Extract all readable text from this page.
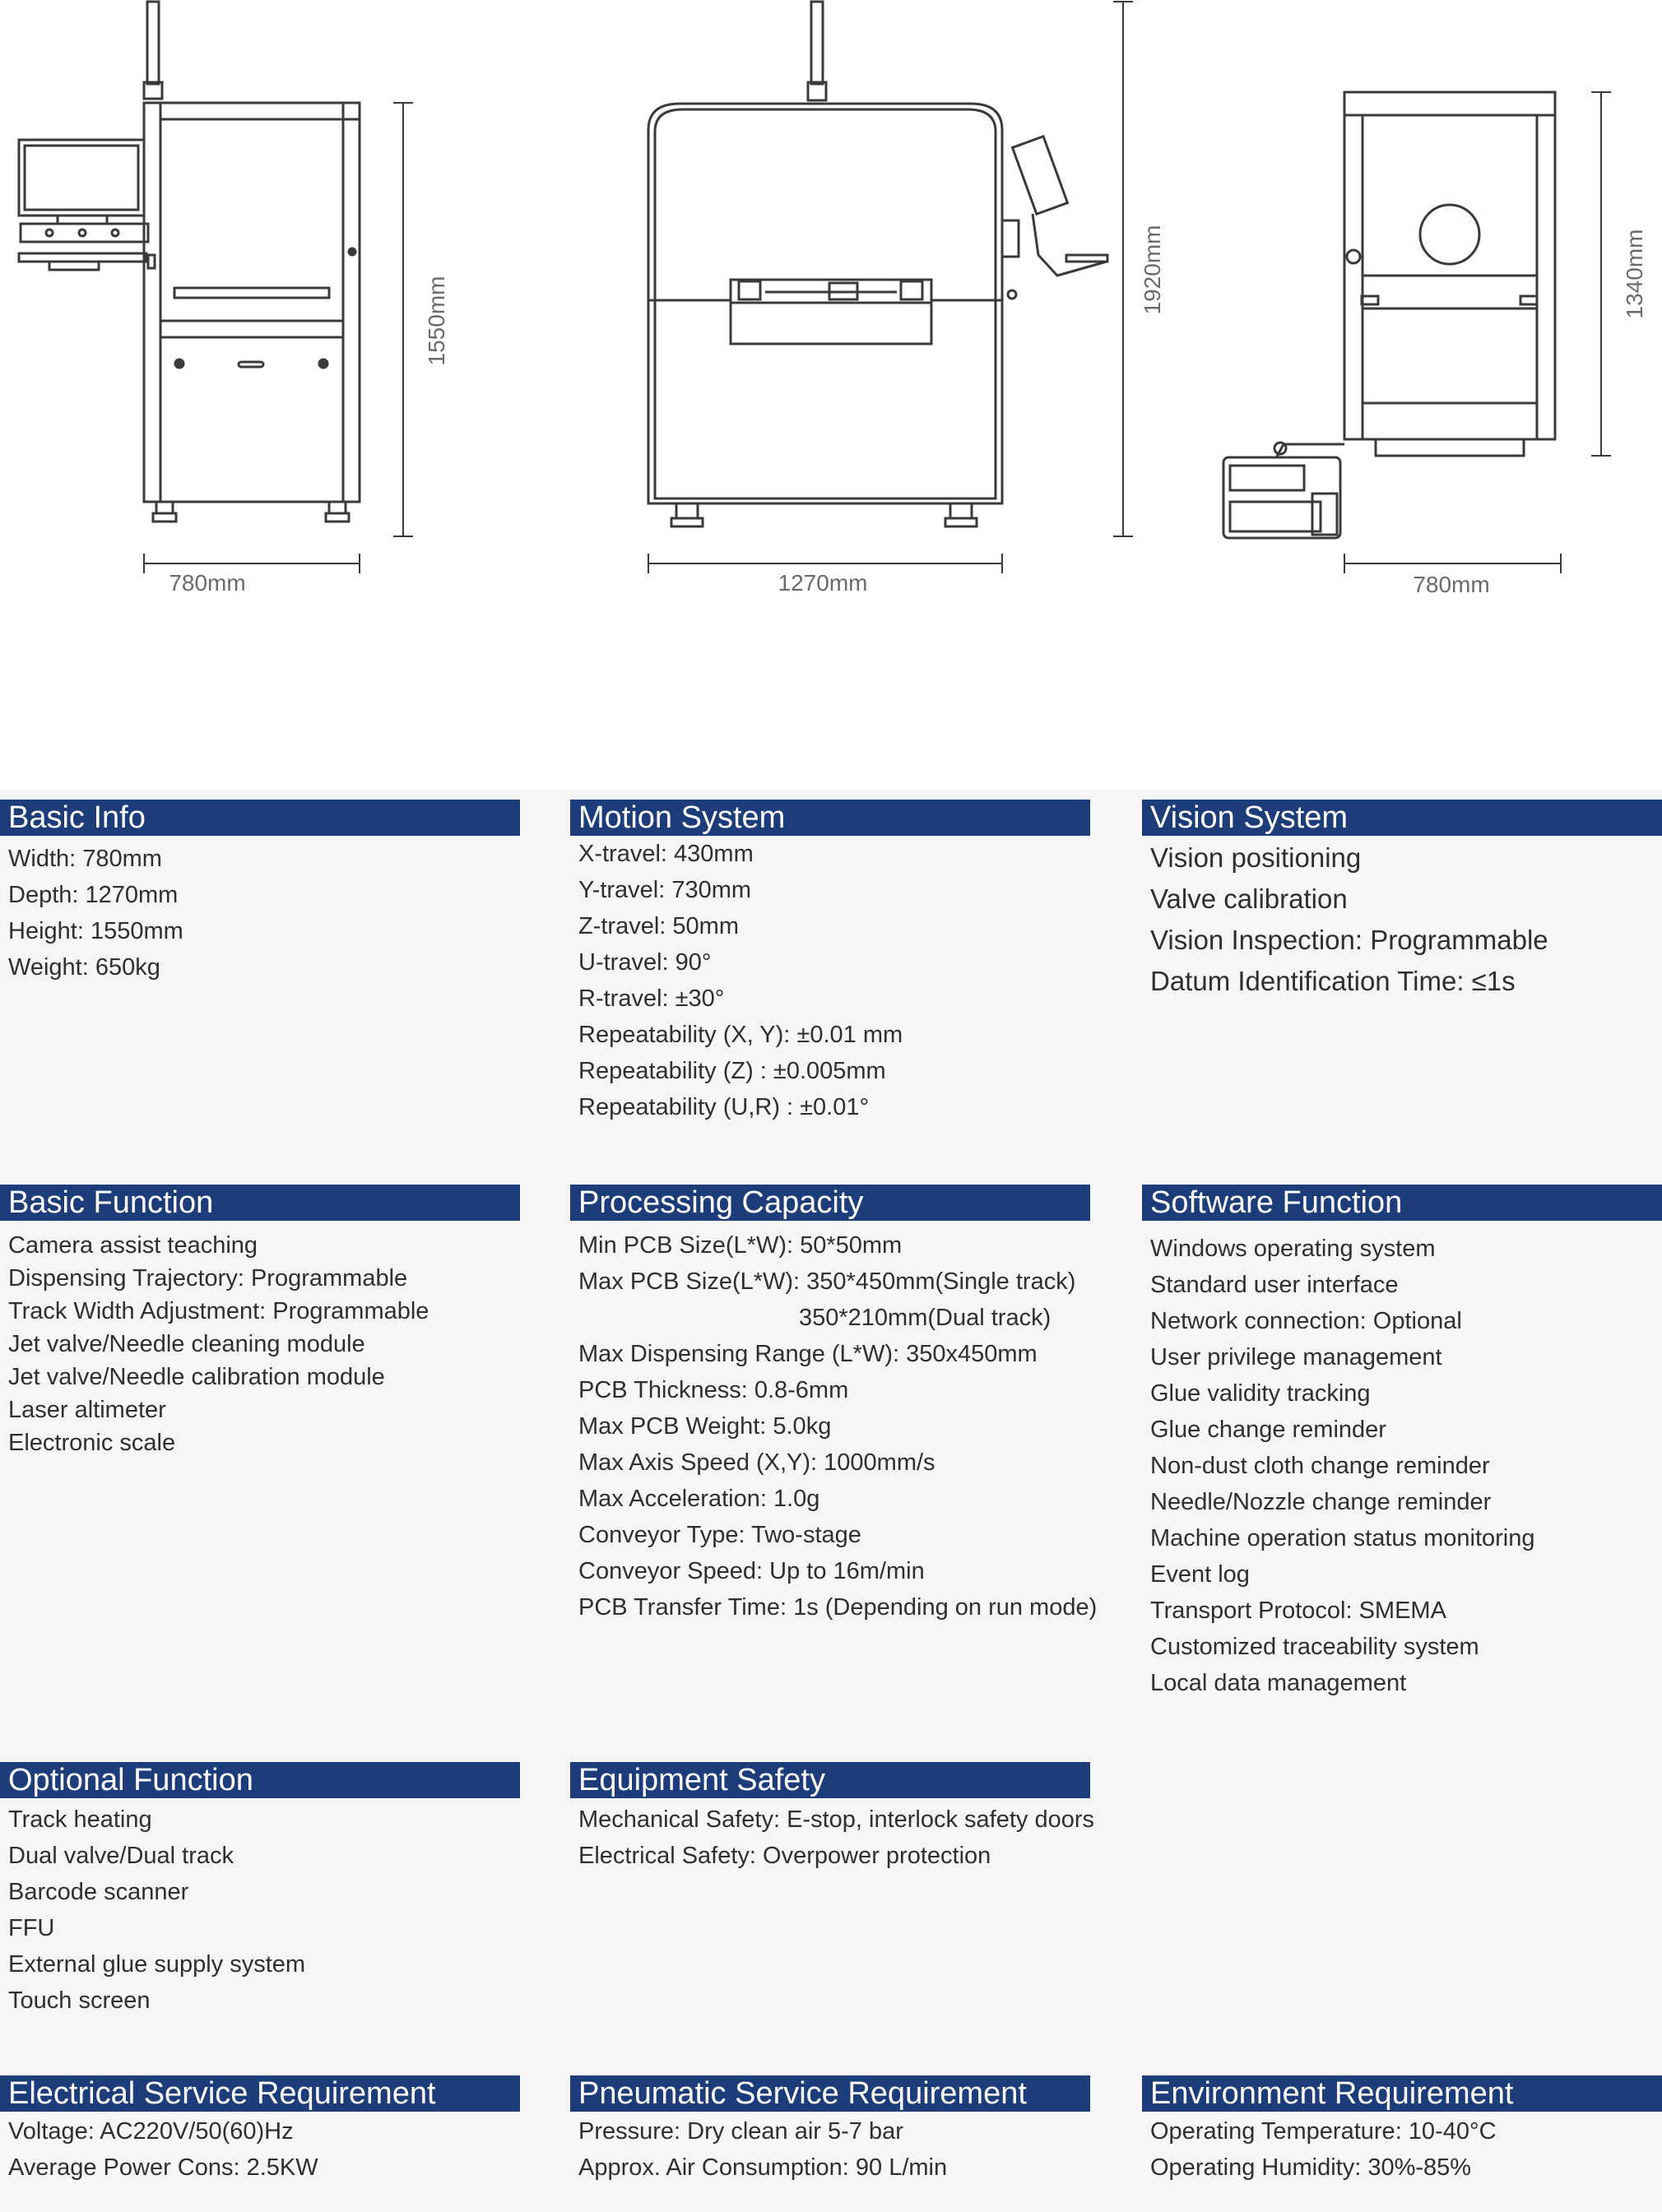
780mm
1550mm
1270mm
1920mm
780mm
1340mm
Basic Info
Width: 780mm
Depth: 1270mm
Height: 1550mm
Weight: 650kg
Motion System
X-travel: 430mm
Y-travel: 730mm
Z-travel: 50mm
U-travel: 90°
R-travel: ±30°
Repeatability (X, Y): ±0.01 mm
Repeatability (Z) : ±0.005mm
Repeatability (U,R) : ±0.01°
Vision System
Vision positioning
Valve calibration
Vision Inspection: Programmable
Datum Identification Time: ≤1s
Basic Function
Camera assist teaching
Dispensing Trajectory: Programmable
Track Width Adjustment: Programmable
Jet valve/Needle cleaning module
Jet valve/Needle calibration module
Laser altimeter
Electronic scale
Processing Capacity
Min PCB Size(L*W): 50*50mm
Max PCB Size(L*W): 350*450mm(Single track)
350*210mm(Dual track)
Max Dispensing Range (L*W): 350x450mm
PCB Thickness: 0.8-6mm
Max PCB Weight: 5.0kg
Max Axis Speed (X,Y): 1000mm/s
Max Acceleration: 1.0g
Conveyor Type: Two-stage
Conveyor Speed: Up to 16m/min
PCB Transfer Time: 1s (Depending on run mode)
Software Function
Windows operating system
Standard user interface
Network connection: Optional
User privilege management
Glue validity tracking
Glue change reminder
Non-dust cloth change reminder
Needle/Nozzle change reminder
Machine operation status monitoring
Event log
Transport Protocol: SMEMA
Customized traceability system
Local data management
Optional Function
Track heating
Dual valve/Dual track
Barcode scanner
FFU
External glue supply system
Touch screen
Equipment Safety
Mechanical Safety: E-stop, interlock safety doors
Electrical Safety: Overpower protection
Electrical Service Requirement
Voltage: AC220V/50(60)Hz
Average Power Cons: 2.5KW
Pneumatic Service Requirement
Pressure: Dry clean air 5-7 bar
Approx. Air Consumption: 90 L/min
Environment Requirement
Operating Temperature: 10-40°C
Operating Humidity: 30%-85%
